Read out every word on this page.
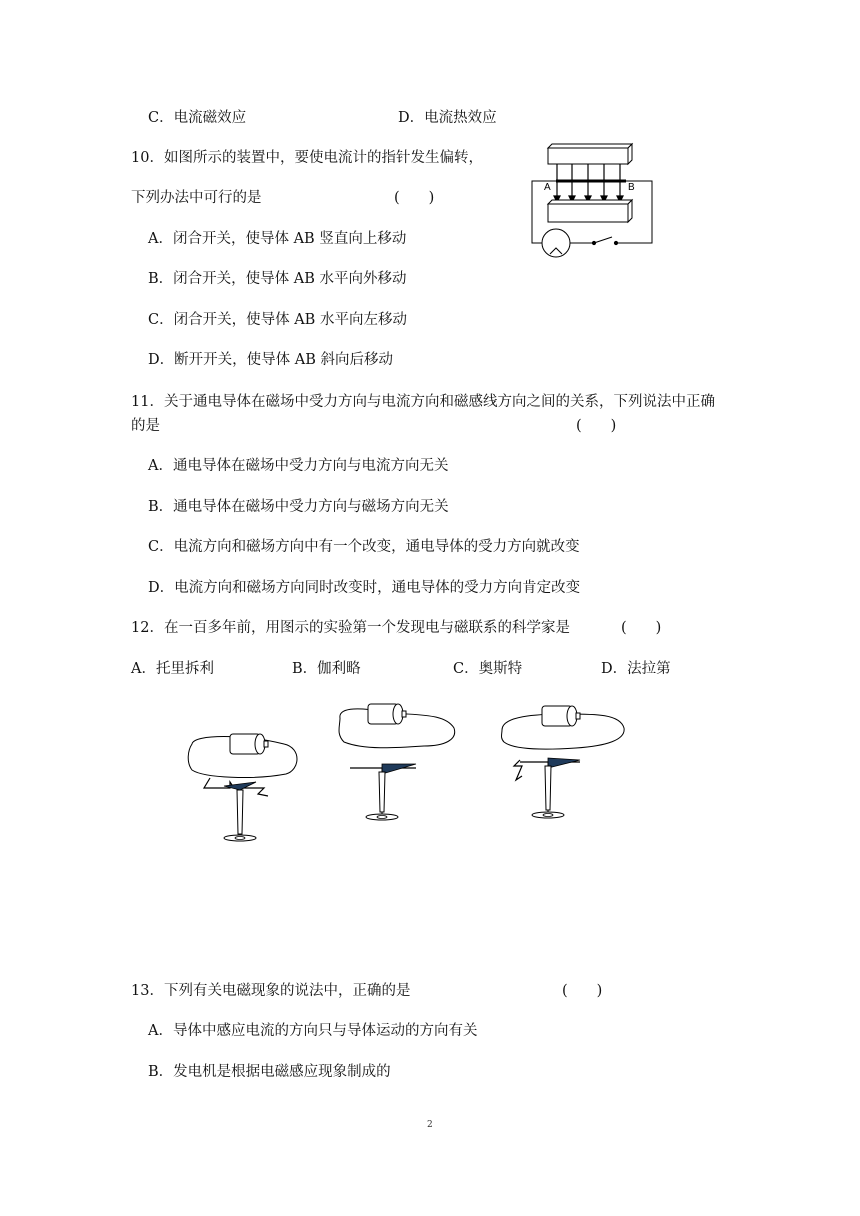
C．电流磁效应	D．电流热效应
10．如图所示的装置中，要使电流计的指针发生偏转，
下列办法中可行的是	(　　)
A．闭合开关，使导体 AB 竖直向上移动
B．闭合开关，使导体 AB 水平向外移动
C．闭合开关，使导体 AB 水平向左移动
D．断开开关，使导体 AB 斜向后移动
A	B
11．关于通电导体在磁场中受力方向与电流方向和磁感线方向之间的关系，下列说法中正确
的是	(　　)
A．通电导体在磁场中受力方向与电流方向无关
B．通电导体在磁场中受力方向与磁场方向无关
C．电流方向和磁场方向中有一个改变，通电导体的受力方向就改变
D．电流方向和磁场方向同时改变时，通电导体的受力方向肯定改变
12．在一百多年前，用图示的实验第一个发现电与磁联系的科学家是	(　　)
A．托里拆利	B．伽利略	C．奥斯特	D．法拉第
13．下列有关电磁现象的说法中，正确的是	(　　)
A．导体中感应电流的方向只与导体运动的方向有关
B．发电机是根据电磁感应现象制成的
2
